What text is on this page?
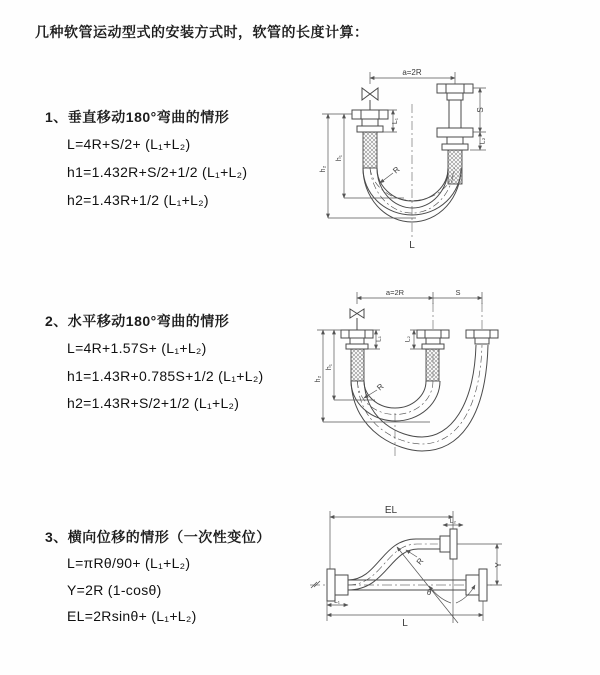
几种软管运动型式的安装方式时，软管的长度计算：
1、垂直移动180°弯曲的情形
L=4R+S/2+ (L₁+L₂)
h1=1.432R+S/2+1/2 (L₁+L₂)
h2=1.43R+1/2 (L₁+L₂)
2、水平移动180°弯曲的情形
L=4R+1.57S+ (L₁+L₂)
h1=1.43R+0.785S+1/2 (L₁+L₂)
h2=1.43R+S/2+1/2 (L₁+L₂)
3、横向位移的情形（一次性变位）
L=πRθ/90+ (L₁+L₂)
Y=2R (1-cosθ)
EL=2Rsinθ+ (L₁+L₂)
a=2R
S
L₂
L₁
h₁
h₂	R
L
a=2R	S
L₁	L₂
h₁
h₂
R
EL
L₂
Y
L
L₁
θ
R
